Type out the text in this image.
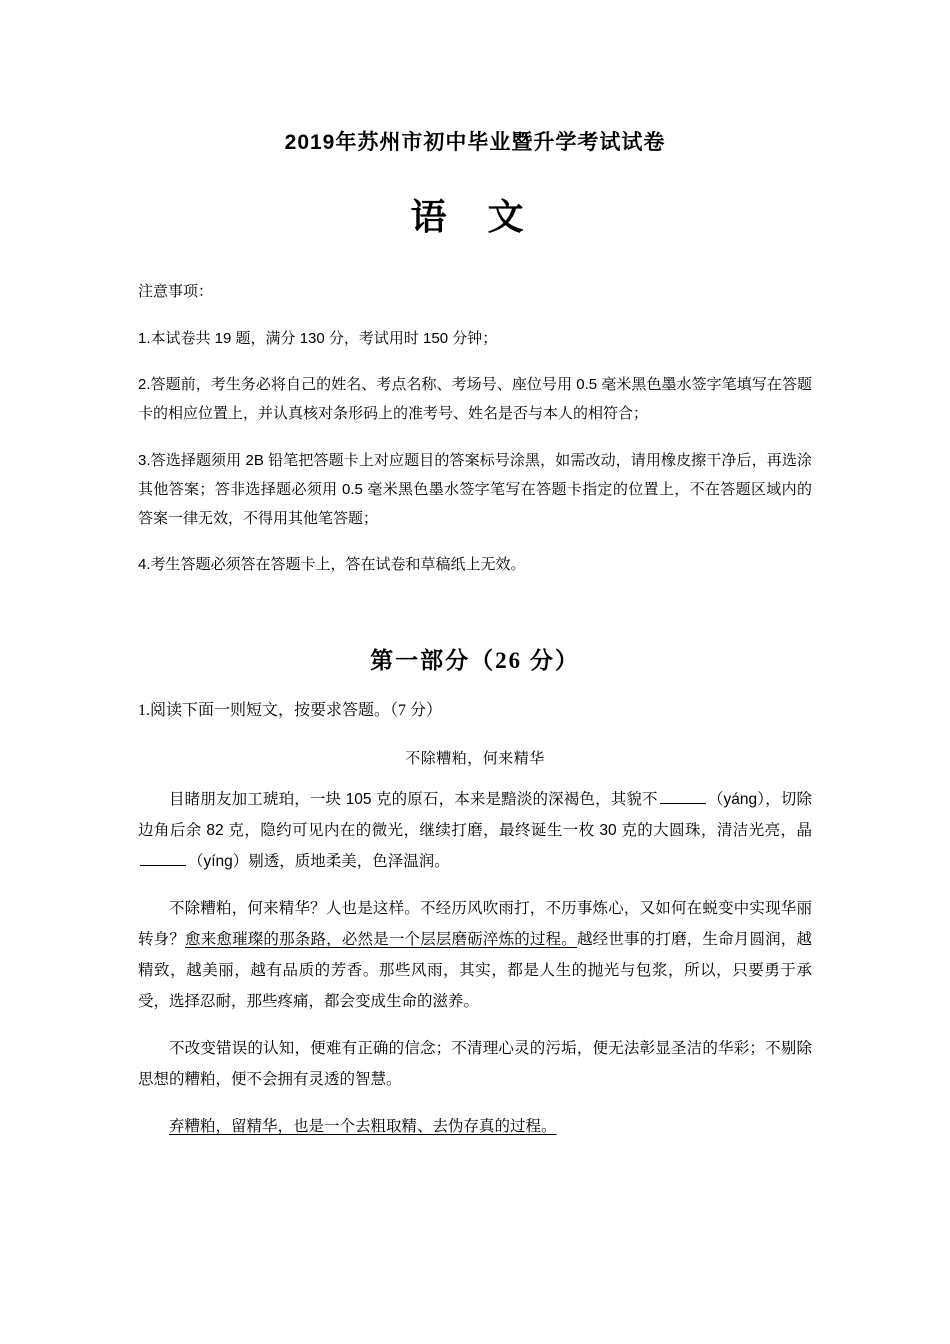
2019年苏州市初中毕业暨升学考试试卷
语 文
注意事项：
1.本试卷共 19 题，满分 130 分，考试用时 150 分钟；
2.答题前，考生务必将自己的姓名、考点名称、考场号、座位号用 0.5 毫米黑色墨水签字笔填写在答题卡的相应位置上，并认真核对条形码上的准考号、姓名是否与本人的相符合；
3.答选择题须用 2B 铅笔把答题卡上对应题目的答案标号涂黑，如需改动，请用橡皮擦干净后，再选涂其他答案；答非选择题必须用 0.5 毫米黑色墨水签字笔写在答题卡指定的位置上，不在答题区域内的答案一律无效，不得用其他笔答题；
4.考生答题必须答在答题卡上，答在试卷和草稿纸上无效。
第一部分（26 分）
1.阅读下面一则短文，按要求答题。（7 分）
不除糟粕，何来精华
目睹朋友加工琥珀，一块 105 克的原石，本来是黯淡的深褐色，其貌不	（yáng），切除边角后余 82 克，隐约可见内在的微光，继续打磨，最终诞生一枚 30 克的大圆珠，清洁光亮，晶（yíng）剔透，质地柔美，色泽温润。
不除糟粕，何来精华？人也是这样。不经历风吹雨打，不历事炼心，又如何在蜕变中实现华丽转身？愈来愈璀璨的那条路，必然是一个层层磨砺淬炼的过程。越经世事的打磨，生命月圆润，越精致，越美丽，越有品质的芳香。那些风雨，其实，都是人生的抛光与包浆，所以，只要勇于承受，选择忍耐，那些疼痛，都会变成生命的滋养。
不改变错误的认知，便难有正确的信念；不清理心灵的污垢，便无法彰显圣洁的华彩；不剔除思想的糟粕，便不会拥有灵透的智慧。
弃糟粕，留精华，也是一个去粗取精、去伪存真的过程。
